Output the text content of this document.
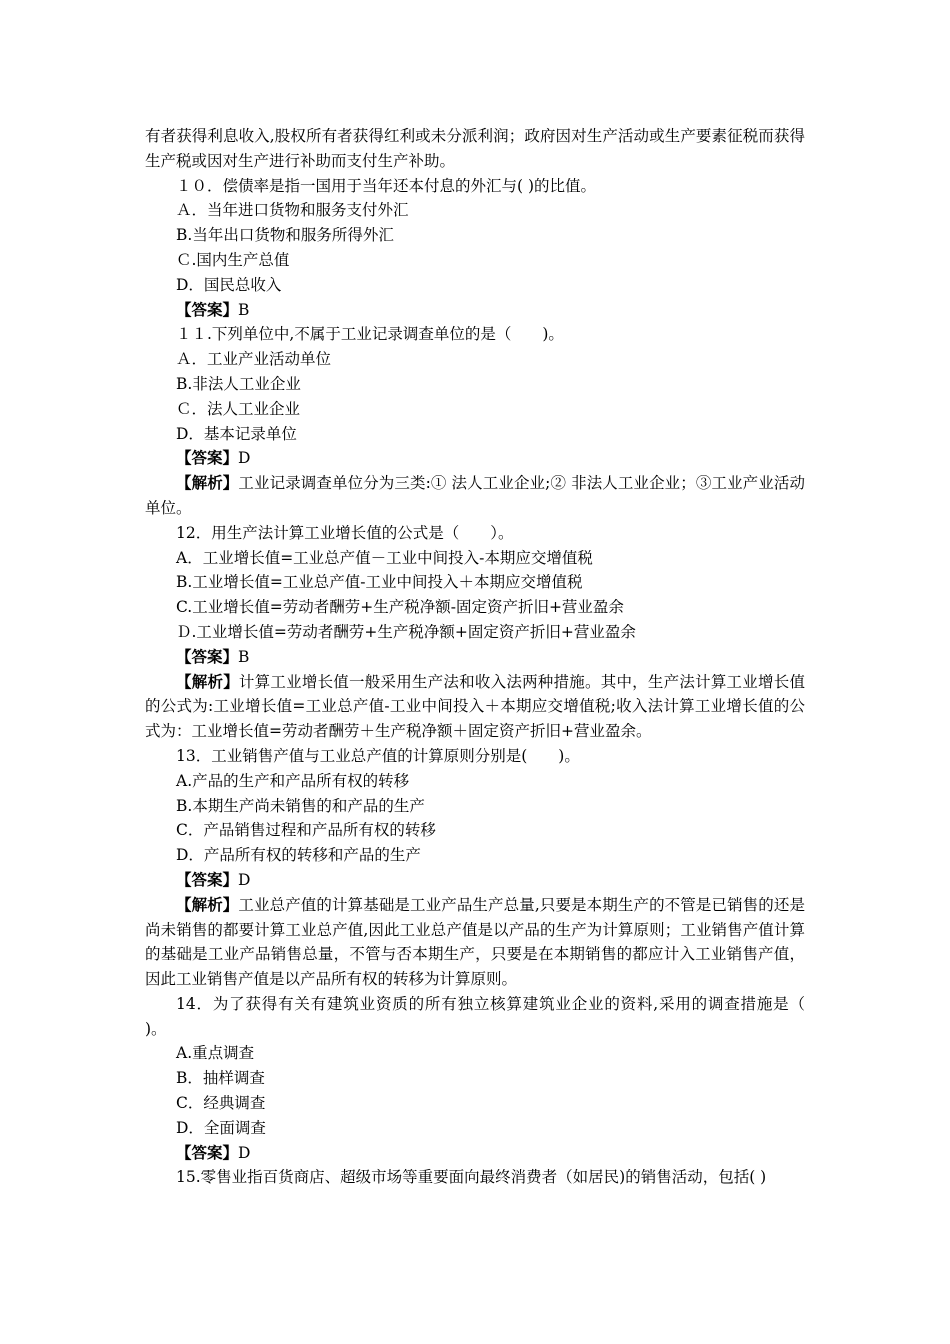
有者获得利息收入,股权所有者获得红利或未分派利润；政府因对生产活动或生产要素征税而获得生产税或因对生产进行补助而支付生产补助。
１０．偿债率是指一国用于当年还本付息的外汇与( )的比值。
Ａ．当年进口货物和服务支付外汇
B.当年出口货物和服务所得外汇
Ｃ.国内生产总值
D．国民总收入
【答案】B
１１.下列单位中,不属于工业记录调查单位的是（　　)。
Ａ．工业产业活动单位
B.非法人工业企业
Ｃ．法人工业企业
D．基本记录单位
【答案】D
【解析】工业记录调查单位分为三类:① 法人工业企业;② 非法人工业企业；③工业产业活动单位。
12．用生产法计算工业增长值的公式是（　　）。
A．工业增长值=工业总产值－工业中间投入-本期应交增值税
B.工业增长值=工业总产值-工业中间投入＋本期应交增值税
C.工业增长值=劳动者酬劳+生产税净额-固定资产折旧+营业盈余
Ｄ.工业增长值=劳动者酬劳+生产税净额+固定资产折旧+营业盈余
【答案】B
【解析】计算工业增长值一般采用生产法和收入法两种措施。其中，生产法计算工业增长值的公式为:工业增长值=工业总产值-工业中间投入＋本期应交增值税;收入法计算工业增长值的公式为：工业增长值=劳动者酬劳＋生产税净额＋固定资产折旧+营业盈余。
13．工业销售产值与工业总产值的计算原则分别是(　　)。
A.产品的生产和产品所有权的转移
B.本期生产尚未销售的和产品的生产
C．产品销售过程和产品所有权的转移
D．产品所有权的转移和产品的生产
【答案】D
【解析】工业总产值的计算基础是工业产品生产总量,只要是本期生产的不管是已销售的还是尚未销售的都要计算工业总产值,因此工业总产值是以产品的生产为计算原则；工业销售产值计算的基础是工业产品销售总量，不管与否本期生产，只要是在本期销售的都应计入工业销售产值，因此工业销售产值是以产品所有权的转移为计算原则。
14．为了获得有关有建筑业资质的所有独立核算建筑业企业的资料,采用的调查措施是（　　)。
A.重点调查
B．抽样调查
C．经典调查
D．全面调查
【答案】D
15.零售业指百货商店、超级市场等重要面向最终消费者（如居民)的销售活动，包括( )
